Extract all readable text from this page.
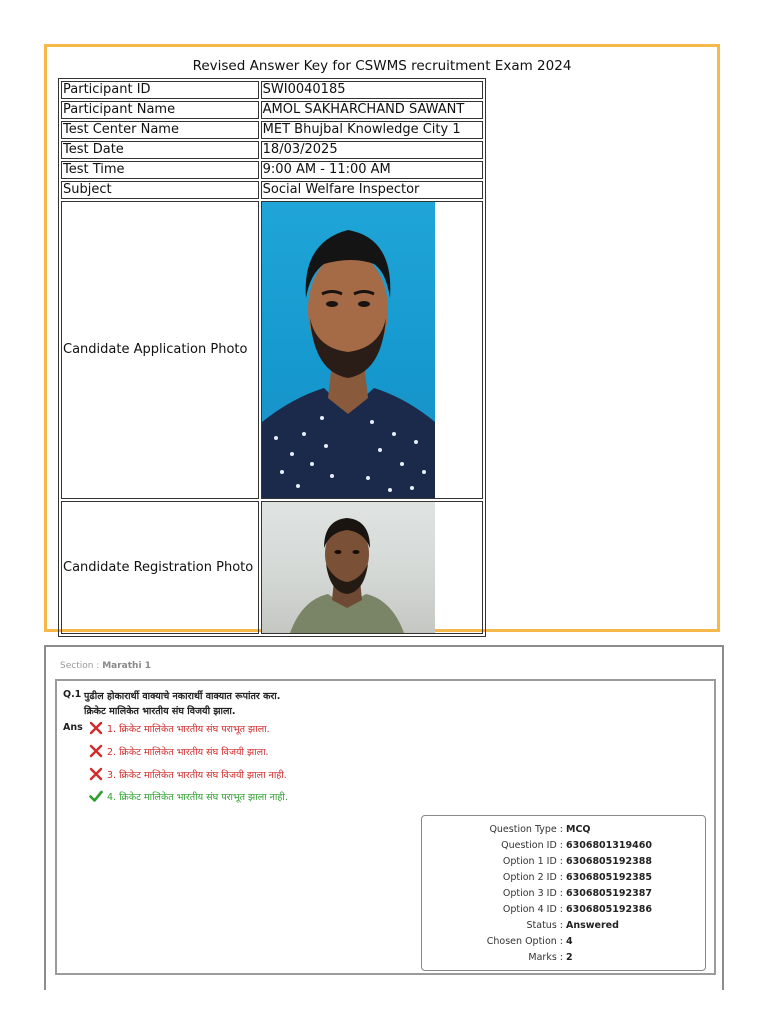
Revised Answer Key for CSWMS recruitment Exam 2024
Participant ID	SWI0040185
Participant Name	AMOL SAKHARCHAND SAWANT
Test Center Name	MET Bhujbal Knowledge City 1
Test Date	18/03/2025
Test Time	9:00 AM - 11:00 AM
Subject	Social Welfare Inspector
Candidate Application Photo	

Candidate Registration Photo	
Section : Marathi 1
Q.1 पुढील होकारार्थी वाक्याचे नकारार्थी वाक्यात रूपांतर करा.
क्रिकेट मालिकेत भारतीय संघ विजयी झाला.
Ans	1. क्रिकेट मालिकेत भारतीय संघ पराभूत झाला.
2. क्रिकेट मालिकेत भारतीय संघ विजयी झाला.
3. क्रिकेट मालिकेत भारतीय संघ विजयी झाला नाही.
4. क्रिकेट मालिकेत भारतीय संघ पराभूत झाला नाही.
Question Type : MCQ
Question ID : 6306801319460
Option 1 ID : 6306805192388
Option 2 ID : 6306805192385
Option 3 ID : 6306805192387
Option 4 ID : 6306805192386
Status : Answered
Chosen Option : 4
Marks : 2
